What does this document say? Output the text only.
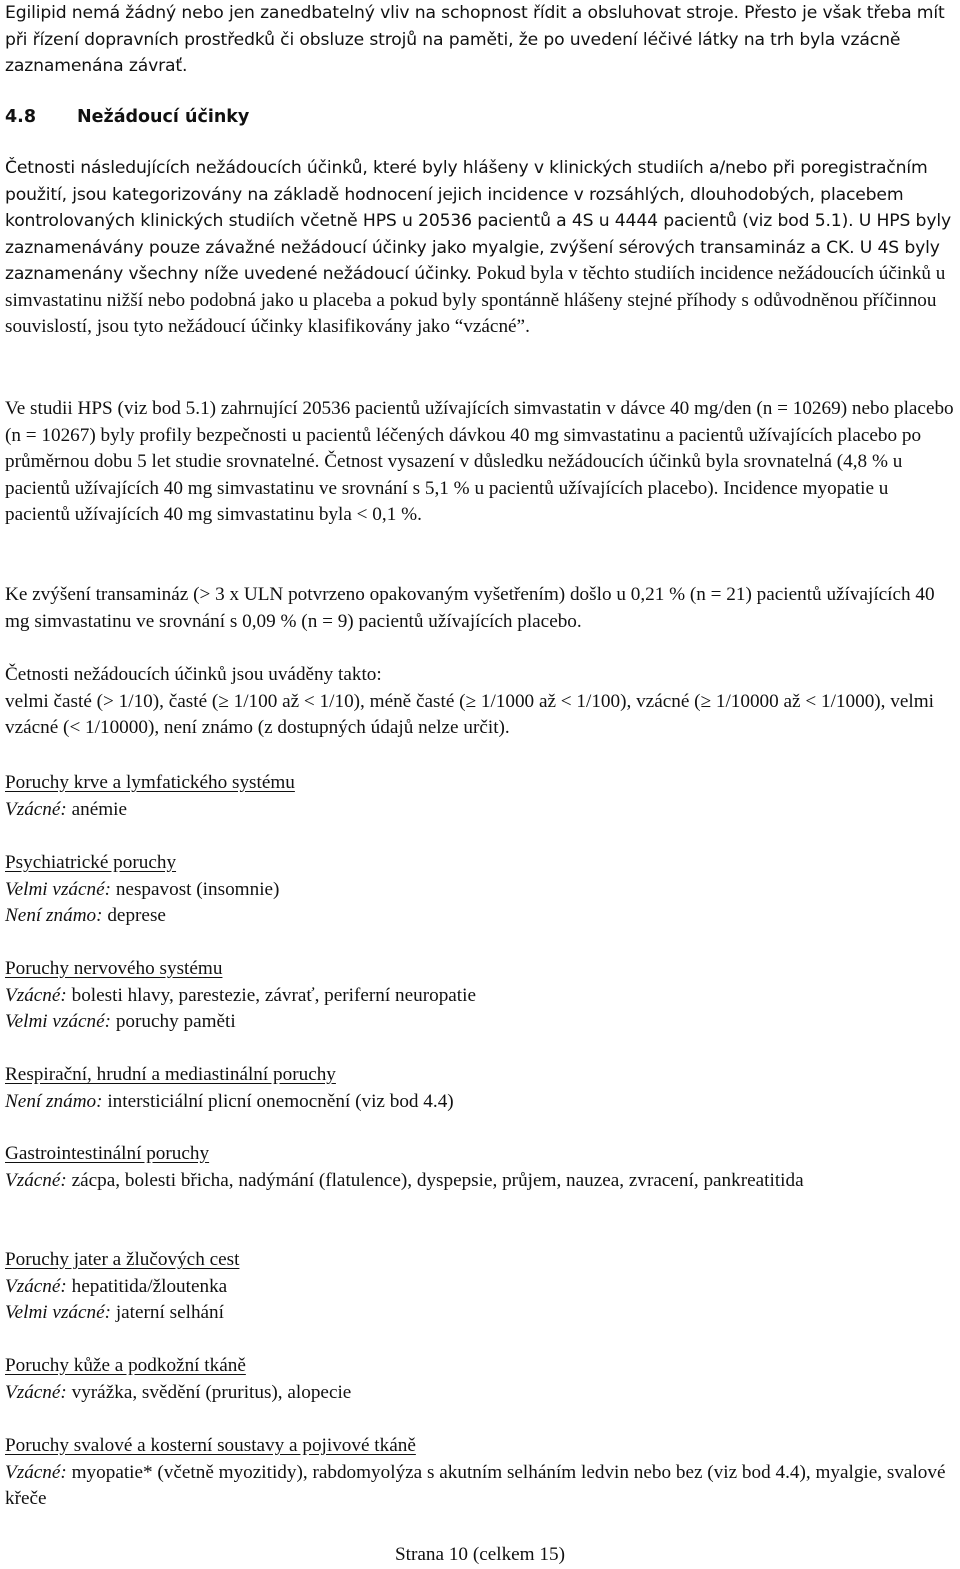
Egilipid nemá žádný nebo jen zanedbatelný vliv na schopnost řídit a obsluhovat stroje. Přesto je však třeba mít při řízení dopravních prostředků či obsluze strojů na paměti, že po uvedení léčivé látky na trh byla vzácně zaznamenána závrať.

4.8 Nežádoucí účinky

Četnosti následujících nežádoucích účinků, které byly hlášeny v klinických studiích a/nebo při poregistračním použití, jsou kategorizovány na základě hodnocení jejich incidence v rozsáhlých, dlouhodobých, placebem kontrolovaných klinických studiích včetně HPS u 20536 pacientů a 4S u 4444 pacientů (viz bod 5.1). U HPS byly zaznamenávány pouze závažné nežádoucí účinky jako myalgie, zvýšení sérových transamináz a CK. U 4S byly zaznamenány všechny níže uvedené nežádoucí účinky. Pokud byla v těchto studiích incidence nežádoucích účinků u simvastatinu nižší nebo podobná jako u placeba a pokud byly spontánně hlášeny stejné příhody s odůvodněnou příčinnou souvislostí, jsou tyto nežádoucí účinky klasifikovány jako “vzácné”.

Ve studii HPS (viz bod 5.1) zahrnující 20536 pacientů užívajících simvastatin v dávce 40 mg/den (n = 10269) nebo placebo (n = 10267) byly profily bezpečnosti u pacientů léčených dávkou 40 mg simvastatinu a pacientů užívajících placebo po průměrnou dobu 5 let studie srovnatelné. Četnost vysazení v důsledku nežádoucích účinků byla srovnatelná (4,8 % u pacientů užívajících 40 mg simvastatinu ve srovnání s 5,1 % u pacientů užívajících placebo). Incidence myopatie u pacientů užívajících 40 mg simvastatinu byla < 0,1 %.

Ke zvýšení transamináz (> 3 x ULN potvrzeno opakovaným vyšetřením) došlo u 0,21 % (n = 21) pacientů užívajících 40 mg simvastatinu ve srovnání s 0,09 % (n = 9) pacientů užívajících placebo.

Četnosti nežádoucích účinků jsou uváděny takto:

velmi časté (> 1/10), časté (≥ 1/100 až < 1/10), méně časté (≥ 1/1000 až < 1/100), vzácné (≥ 1/10000 až < 1/1000), velmi vzácné (< 1/10000), není známo (z dostupných údajů nelze určit).

Poruchy krve a lymfatického systému

Vzácné: anémie

Psychiatrické poruchy

Velmi vzácné: nespavost (insomnie)

Není známo: deprese

Poruchy nervového systému

Vzácné: bolesti hlavy, parestezie, závrať, periferní neuropatie

Velmi vzácné: poruchy paměti

Respirační, hrudní a mediastinální poruchy

Není známo: intersticiální plicní onemocnění (viz bod 4.4)

Gastrointestinální poruchy

Vzácné: zácpa, bolesti břicha, nadýmání (flatulence), dyspepsie, průjem, nauzea, zvracení, pankreatitida

Poruchy jater a žlučových cest

Vzácné: hepatitida/žloutenka

Velmi vzácné: jaterní selhání

Poruchy kůže a podkožní tkáně

Vzácné: vyrážka, svědění (pruritus), alopecie

Poruchy svalové a kosterní soustavy a pojivové tkáně

Vzácné: myopatie* (včetně myozitidy), rabdomyolýza s akutním selháním ledvin nebo bez (viz bod 4.4), myalgie, svalové křeče

Strana 10 (celkem 15)
